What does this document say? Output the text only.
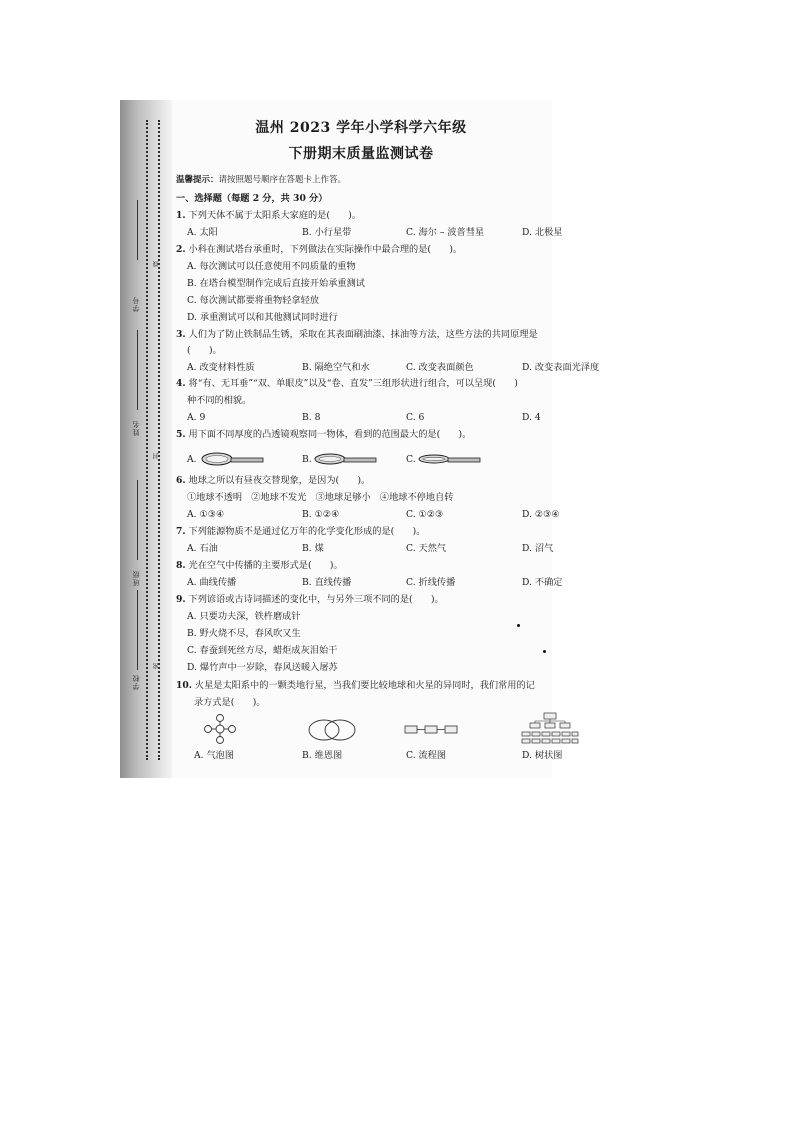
学号
姓名
班级
学校
线
封
密
温州 2023 学年小学科学六年级
下册期末质量监测试卷
温馨提示：请按照题号顺序在答题卡上作答。
一、选择题（每题 2 分，共 30 分）
1. 下列天体不属于太阳系大家庭的是(　　)。
A. 太阳	B. 小行星带	C. 海尔 – 波普彗星	D. 北极星
2. 小科在测试塔台承重时，下列做法在实际操作中最合理的是(　　)。
A. 每次测试可以任意使用不同质量的重物
B. 在塔台模型制作完成后直接开始承重测试
C. 每次测试都要将重物轻拿轻放
D. 承重测试可以和其他测试同时进行
3. 人们为了防止铁制品生锈，采取在其表面刷油漆、抹油等方法，这些方法的共同原理是
(　　)。
A. 改变材料性质	B. 隔绝空气和水	C. 改变表面颜色	D. 改变表面光泽度
4. 将“有、无耳垂”“双、单眼皮”以及“卷、直发”三组形状进行组合，可以呈现(　　)
种不同的相貌。
A. 9	B. 8	C. 6	D. 4
5. 用下面不同厚度的凸透镜观察同一物体，看到的范围最大的是(　　)。
A.	B.	C.
6. 地球之所以有昼夜交替现象，是因为(　　)。
①地球不透明　②地球不发光　③地球足够小　④地球不停地自转
A. ①③④	B. ①②④	C. ①②③	D. ②③④
7. 下列能源物质不是通过亿万年的化学变化形成的是(　　)。
A. 石油	B. 煤	C. 天然气	D. 沼气
8. 光在空气中传播的主要形式是(　　)。
A. 曲线传播	B. 直线传播	C. 折线传播	D. 不确定
9. 下列谚语或古诗词描述的变化中，与另外三项不同的是(　　)。
A. 只要功夫深，铁杵磨成针
B. 野火烧不尽，春风吹又生
C. 春蚕到死丝方尽，蜡炬成灰泪始干
D. 爆竹声中一岁除，春风送暖入屠苏
10. 火星是太阳系中的一颗类地行星，当我们要比较地球和火星的异同时，我们常用的记
录方式是(　　)。
A. 气泡图	B. 维恩图	C. 流程图	D. 树状图
